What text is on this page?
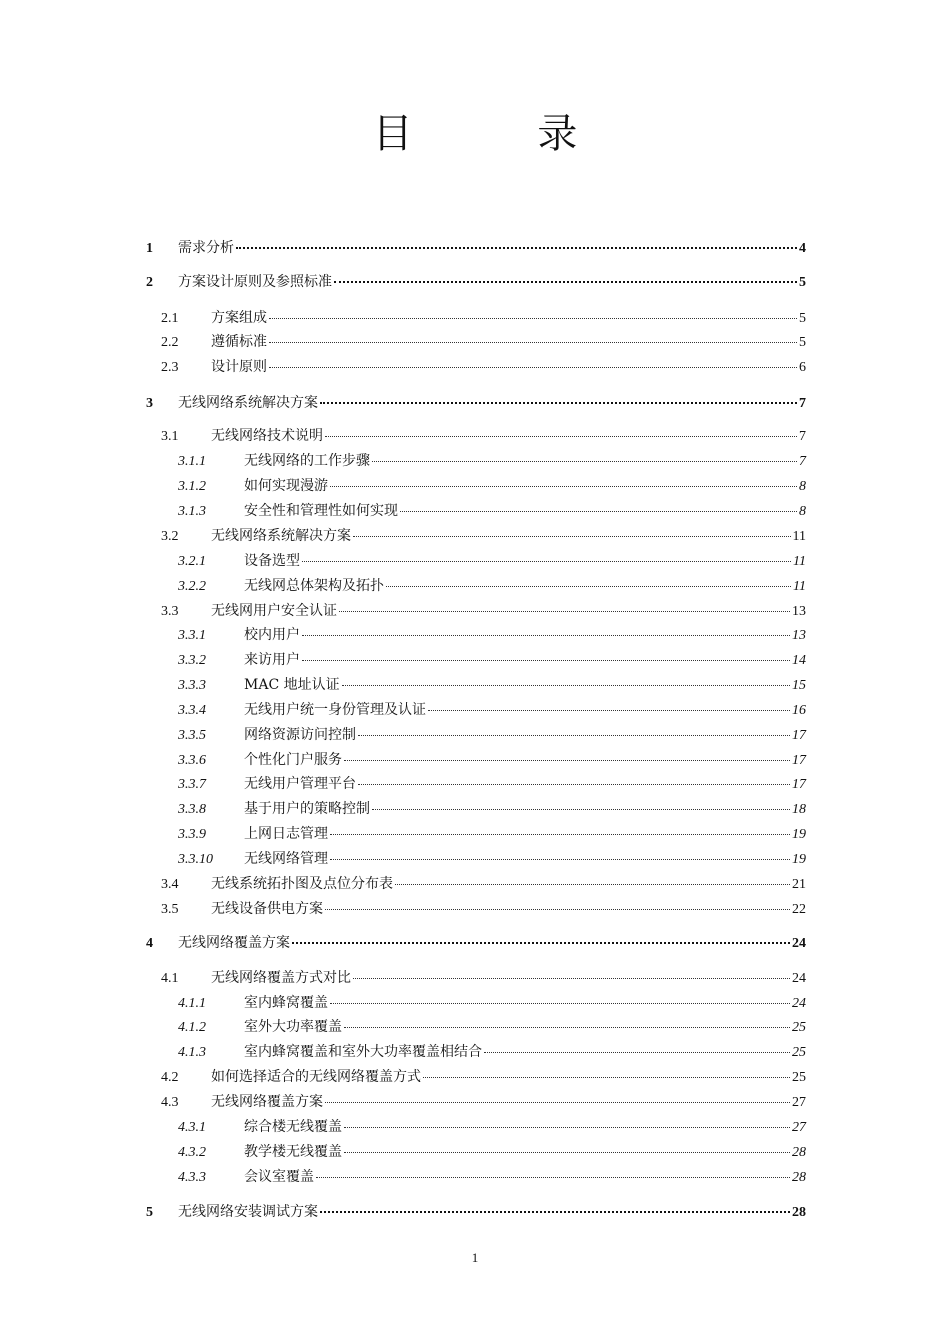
目 录
1	需求分析	4
2	方案设计原则及参照标准	5
2.1	方案组成	5
2.2	遵循标准	5
2.3	设计原则	6
3	无线网络系统解决方案	7
3.1	无线网络技术说明	7
3.1.1	无线网络的工作步骤	7
3.1.2	如何实现漫游	8
3.1.3	安全性和管理性如何实现	8
3.2	无线网络系统解决方案	11
3.2.1	设备选型	11
3.2.2	无线网总体架构及拓扑	11
3.3	无线网用户安全认证	13
3.3.1	校内用户	13
3.3.2	来访用户	14
3.3.3	MAC 地址认证	15
3.3.4	无线用户统一身份管理及认证	16
3.3.5	网络资源访问控制	17
3.3.6	个性化门户服务	17
3.3.7	无线用户管理平台	17
3.3.8	基于用户的策略控制	18
3.3.9	上网日志管理	19
3.3.10	无线网络管理	19
3.4	无线系统拓扑图及点位分布表	21
3.5	无线设备供电方案	22
4	无线网络覆盖方案	24
4.1	无线网络覆盖方式对比	24
4.1.1	室内蜂窝覆盖	24
4.1.2	室外大功率覆盖	25
4.1.3	室内蜂窝覆盖和室外大功率覆盖相结合	25
4.2	如何选择适合的无线网络覆盖方式	25
4.3	无线网络覆盖方案	27
4.3.1	综合楼无线覆盖	27
4.3.2	教学楼无线覆盖	28
4.3.3	会议室覆盖	28
5	无线网络安装调试方案	28
1
